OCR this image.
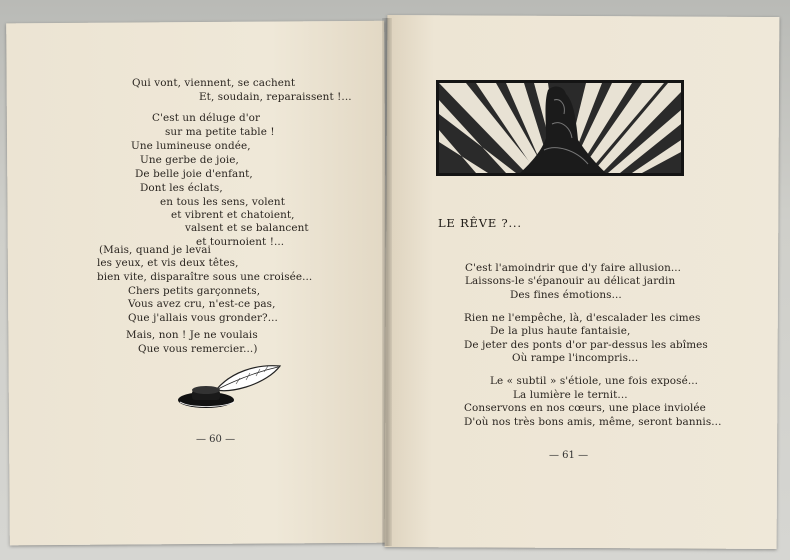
Qui vont, viennent, se cachent
Et, soudain, reparaissent !...
C'est un déluge d'or
sur ma petite table !
Une lumineuse ondée,
Une gerbe de joie,
De belle joie d'enfant,
Dont les éclats,
en tous les sens, volent
et vibrent et chatoient,
valsent et se balancent
et tournoient !...
(Mais, quand je levai
les yeux, et vis deux têtes,
bien vite, disparaître sous une croisée...
Chers petits garçonnets,
Vous avez cru, n'est-ce pas,
Que j'allais vous gronder?...
Mais, non ! Je ne voulais
Que vous remercier...)
— 60 —
LE RÊVE ?...
C'est l'amoindrir que d'y faire allusion...
Laissons-le s'épanouir au délicat jardin
Des fines émotions...
Rien ne l'empêche, là, d'escalader les cimes
De la plus haute fantaisie,
De jeter des ponts d'or par-dessus les abîmes
Où rampe l'incompris...
Le « subtil » s'étiole, une fois exposé...
La lumière le ternit...
Conservons en nos cœurs, une place inviolée
D'où nos très bons amis, même, seront bannis...
— 61 —
